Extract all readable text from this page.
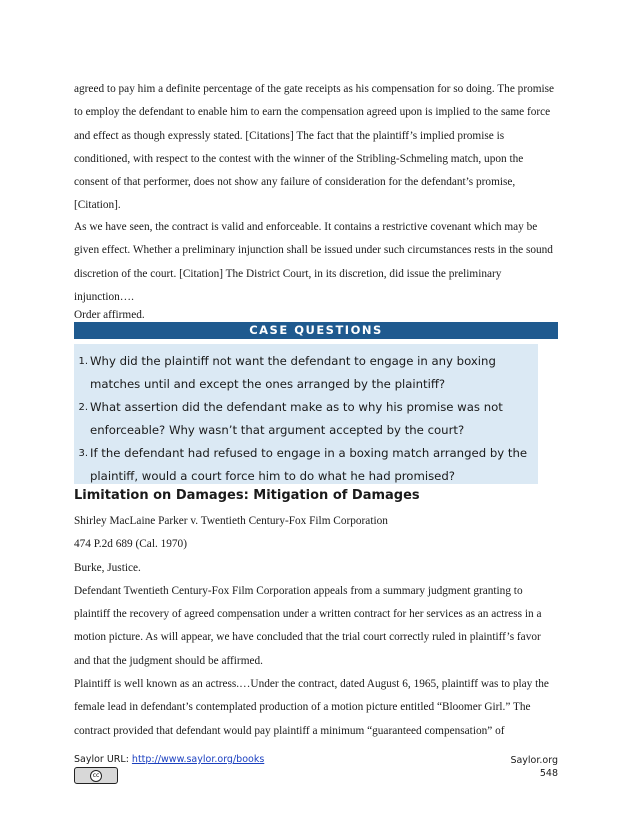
agreed to pay him a definite percentage of the gate receipts as his compensation for so doing. The promise to employ the defendant to enable him to earn the compensation agreed upon is implied to the same force and effect as though expressly stated. [Citations] The fact that the plaintiff’s implied promise is conditioned, with respect to the contest with the winner of the Stribling-Schmeling match, upon the consent of that performer, does not show any failure of consideration for the defendant’s promise, [Citation].

As we have seen, the contract is valid and enforceable. It contains a restrictive covenant which may be given effect. Whether a preliminary injunction shall be issued under such circumstances rests in the sound discretion of the court. [Citation] The District Court, in its discretion, did issue the preliminary injunction….

Order affirmed.

CASE QUESTIONS
1. Why did the plaintiff not want the defendant to engage in any boxing matches until and except the ones arranged by the plaintiff?
2. What assertion did the defendant make as to why his promise was not enforceable? Why wasn’t that argument accepted by the court?
3. If the defendant had refused to engage in a boxing match arranged by the plaintiff, would a court force him to do what he had promised?
Limitation on Damages: Mitigation of Damages
Shirley MacLaine Parker v. Twentieth Century-Fox Film Corporation
474 P.2d 689 (Cal. 1970)
Burke, Justice.
Defendant Twentieth Century-Fox Film Corporation appeals from a summary judgment granting to
plaintiff the recovery of agreed compensation under a written contract for her services as an actress in a
motion picture. As will appear, we have concluded that the trial court correctly ruled in plaintiff’s favor
and that the judgment should be affirmed.
Plaintiff is well known as an actress.…Under the contract, dated August 6, 1965, plaintiff was to play the
female lead in defendant’s contemplated production of a motion picture entitled “Bloomer Girl.” The
contract provided that defendant would pay plaintiff a minimum “guaranteed compensation” of
Saylor URL: http://www.saylor.org/books	Saylor.org
548
cc
